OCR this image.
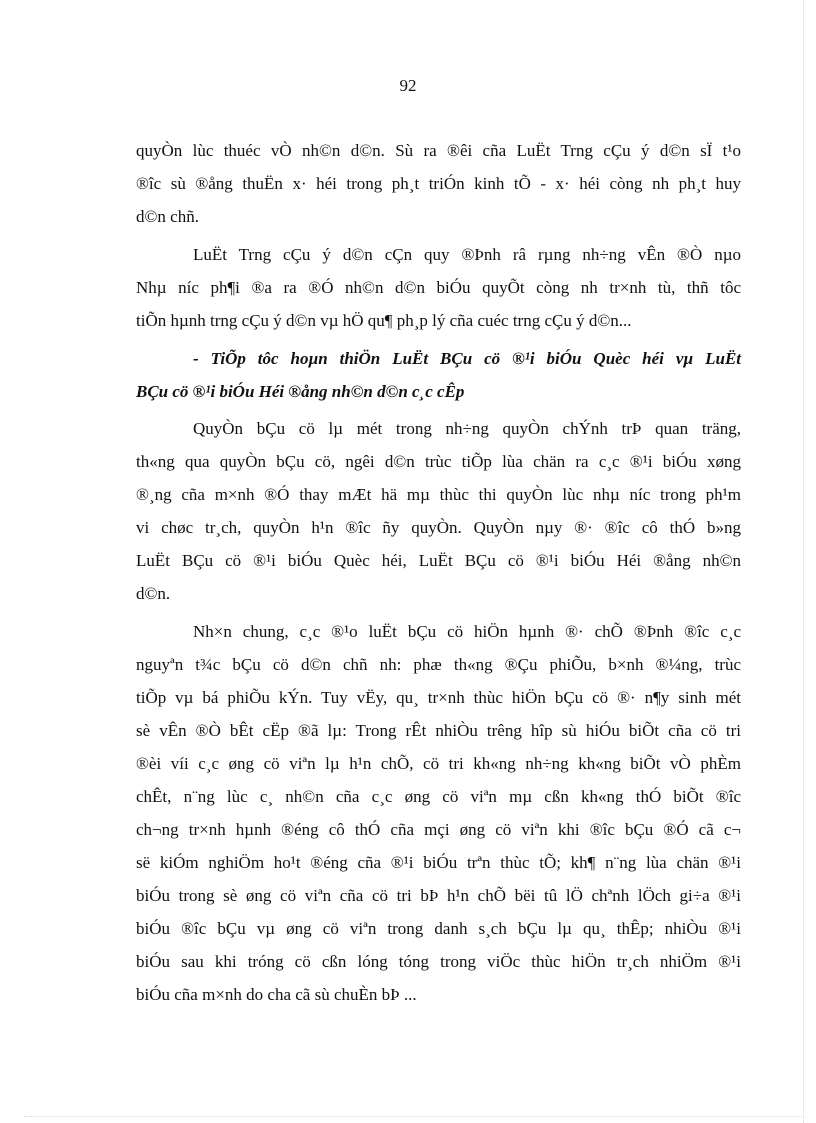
92
quyÒn lùc thuéc vÒ nh©n d©n. Sù ra ®êi cña LuËt Trng cÇu ý d©n sÏ t¹o
®îc sù ®ång thuËn x· héi trong ph¸t triÓn kinh tÕ - x· héi còng nh ph¸t huy
d©n chñ.
LuËt Trng cÇu ý d©n cÇn quy ®Þnh râ rµng nh÷ng vÊn ®Ò nµo
Nhµ níc ph¶i ®a ra ®Ó nh©n d©n biÓu quyÕt còng nh tr×nh tù, thñ tôc
tiÕn hµnh trng cÇu ý d©n vµ hÖ qu¶ ph¸p lý cña cuéc trng cÇu ý d©n...
- TiÕp tôc hoµn thiÖn LuËt BÇu cö ®¹i biÓu Quèc héi vµ LuËt
BÇu cö ®¹i biÓu Héi ®ång nh©n d©n c¸c cÊp
QuyÒn bÇu cö lµ mét trong nh÷ng quyÒn chÝnh trÞ quan träng,
th«ng qua quyÒn bÇu cö, ngêi d©n trùc tiÕp lùa chän ra c¸c ®¹i biÓu xøng
®¸ng cña m×nh ®Ó thay mÆt hä mµ thùc thi quyÒn lùc nhµ níc trong ph¹m
vi chøc tr¸ch, quyÒn h¹n ®îc ñy quyÒn. QuyÒn nµy ®· ®îc cô thÓ b»ng
LuËt BÇu cö ®¹i biÓu Quèc héi, LuËt BÇu cö ®¹i biÓu Héi ®ång nh©n
d©n.
Nh×n chung, c¸c ®¹o luËt bÇu cö hiÖn hµnh ®· chÕ ®Þnh ®îc c¸c
nguyªn t¾c bÇu cö d©n chñ nh: phæ th«ng ®Çu phiÕu, b×nh ®¼ng, trùc
tiÕp vµ bá phiÕu kÝn. Tuy vËy, qu¸ tr×nh thùc hiÖn bÇu cö ®· n¶y sinh mét
sè vÊn ®Ò bÊt cËp ®ã lµ: Trong rÊt nhiÒu trêng hîp sù hiÓu biÕt cña cö tri
®èi víi c¸c øng cö viªn lµ h¹n chÕ, cö tri kh«ng nh÷ng kh«ng biÕt vÒ phÈm
chÊt, n¨ng lùc c¸ nh©n cña c¸c øng cö viªn mµ cßn kh«ng thÓ biÕt ®îc
ch¬ng tr×nh hµnh ®éng cô thÓ cña mçi øng cö viªn khi ®îc bÇu ®Ó cã c¬
së kiÓm nghiÖm ho¹t ®éng cña ®¹i biÓu trªn thùc tÕ; kh¶ n¨ng lùa chän ®¹i
biÓu trong sè øng cö viªn cña cö tri bÞ h¹n chÕ bëi tû lÖ chªnh lÖch gi÷a ®¹i
biÓu ®îc bÇu vµ øng cö viªn trong danh s¸ch bÇu lµ qu¸ thÊp; nhiÒu ®¹i
biÓu sau khi tróng cö cßn lóng tóng trong viÖc thùc hiÖn tr¸ch nhiÖm ®¹i
biÓu cña m×nh do cha cã sù chuÈn bÞ ...
